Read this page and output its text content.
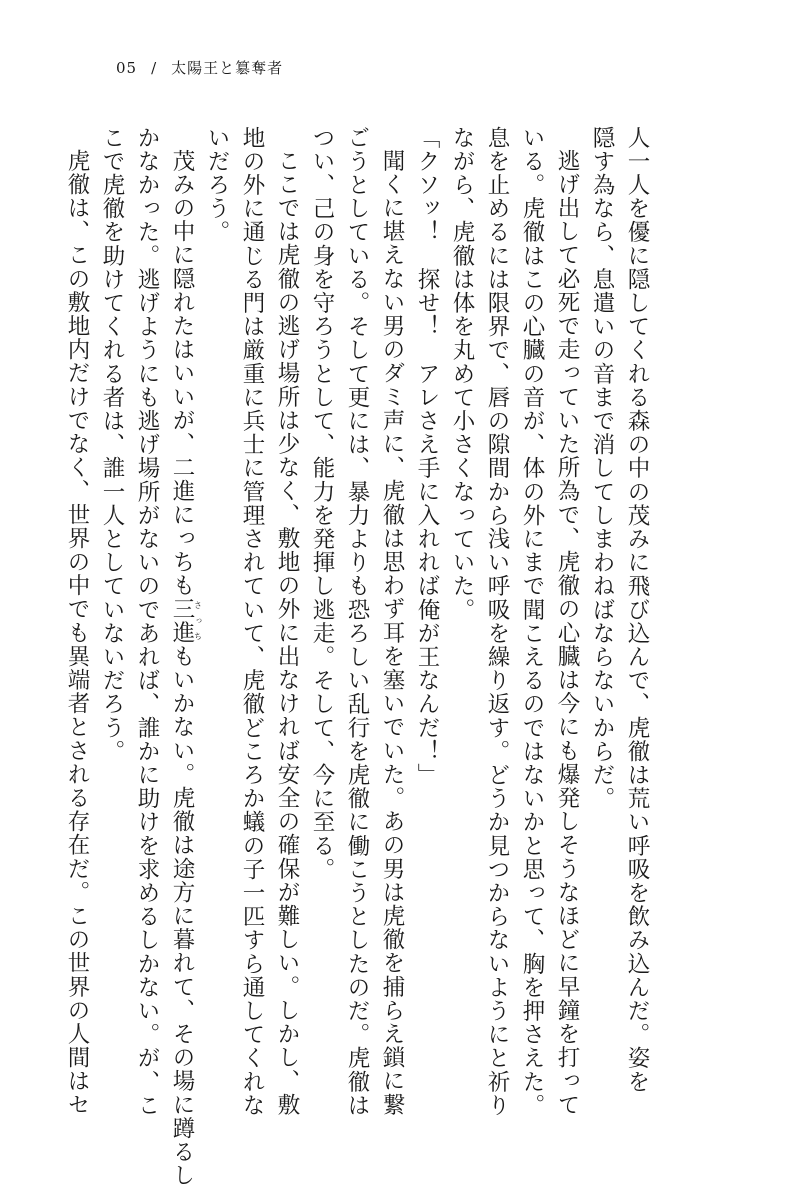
05 / 太陽王と簒奪者
人一人を優に隠してくれる森の中の茂みに飛び込んで、虎徹は荒い呼吸を飲み込んだ。姿を
隠す為なら、息遣いの音まで消してしまわねばならないからだ。
逃げ出して必死で走っていた所為で、虎徹の心臓は今にも爆発しそうなほどに早鐘を打って
いる。虎徹はこの心臓の音が、体の外にまで聞こえるのではないかと思って、胸を押さえた。
息を止めるには限界で、唇の隙間から浅い呼吸を繰り返す。どうか見つからないようにと祈り
ながら、虎徹は体を丸めて小さくなっていた。
「クソッ！　探せ！　アレさえ手に入れれば俺が王なんだ！」
聞くに堪えない男のダミ声に、虎徹は思わず耳を塞いでいた。あの男は虎徹を捕らえ鎖に繋
ごうとしている。そして更には、暴力よりも恐ろしい乱行を虎徹に働こうとしたのだ。虎徹は
つい、己の身を守ろうとして、能力を発揮し逃走。そして、今に至る。
ここでは虎徹の逃げ場所は少なく、敷地の外に出なければ安全の確保が難しい。しかし、敷
地の外に通じる門は厳重に兵士に管理されていて、虎徹どころか蟻の子一匹すら通してくれな
いだろう。
茂みの中に隠れたはいいが、二進にっちも三進さっちもいかない。虎徹は途方に暮れて、その場に蹲るし
かなかった。逃げようにも逃げ場所がないのであれば、誰かに助けを求めるしかない。が、こ
こで虎徹を助けてくれる者は、誰一人としていないだろう。
虎徹は、この敷地内だけでなく、世界の中でも異端者とされる存在だ。この世界の人間はセ
